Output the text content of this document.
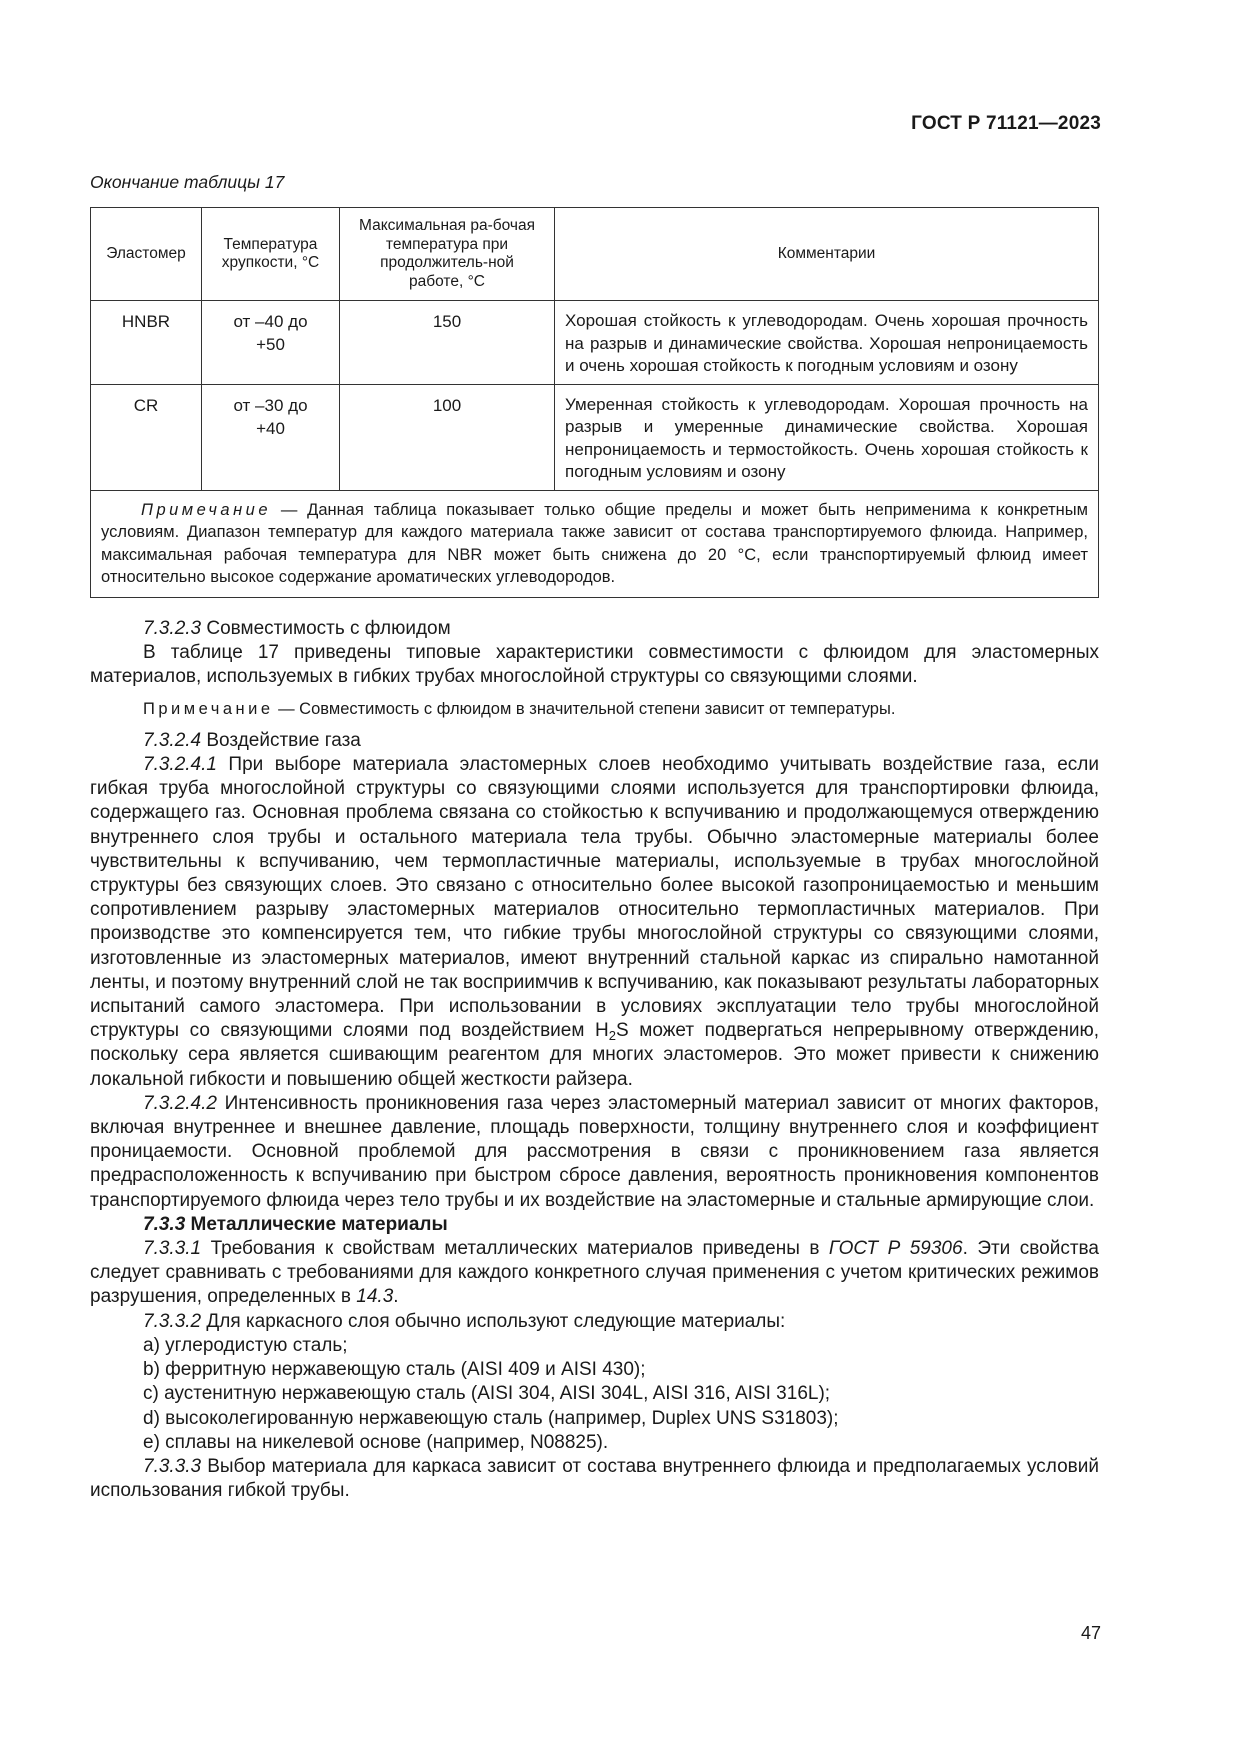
ГОСТ Р 71121—2023
Окончание таблицы 17
Эластомер	Температура хрупкости, °С	Максимальная ра-бочая температура при продолжитель-ной работе, °С	Комментарии
HNBR	от –40 до +50	150	Хорошая стойкость к углеводородам. Очень хорошая прочность на разрыв и динамические свойства. Хорошая непроницаемость и очень хорошая стойкость к погодным условиям и озону
CR	от –30 до +40	100	Умеренная стойкость к углеводородам. Хорошая прочность на разрыв и умеренные динамические свойства. Хорошая непроницаемость и термостойкость. Очень хорошая стойкость к погодным условиям и озону
Примечание — Данная таблица показывает только общие пределы и может быть неприменима к конкретным условиям. Диапазон температур для каждого материала также зависит от состава транспортируемого флюида. Например, максимальная рабочая температура для NBR может быть снижена до 20 °С, если транспортируемый флюид имеет относительно высокое содержание ароматических углеводородов.			

7.3.2.3 Совместимость с флюидом

В таблице 17 приведены типовые характеристики совместимости с флюидом для эластомерных материалов, используемых в гибких трубах многослойной структуры со связующими слоями.

Примечание — Совместимость с флюидом в значительной степени зависит от температуры.

7.3.2.4 Воздействие газа

7.3.2.4.1 При выборе материала эластомерных слоев необходимо учитывать воздействие газа, если гибкая труба многослойной структуры со связующими слоями используется для транспортировки флюида, содержащего газ. Основная проблема связана со стойкостью к вспучиванию и продолжающемуся отверждению внутреннего слоя трубы и остального материала тела трубы. Обычно эластомерные материалы более чувствительны к вспучиванию, чем термопластичные материалы, используемые в трубах многослойной структуры без связующих слоев. Это связано с относительно более высокой газопроницаемостью и меньшим сопротивлением разрыву эластомерных материалов относительно термопластичных материалов. При производстве это компенсируется тем, что гибкие трубы многослойной структуры со связующими слоями, изготовленные из эластомерных материалов, имеют внутренний стальной каркас из спирально намотанной ленты, и поэтому внутренний слой не так восприимчив к вспучиванию, как показывают результаты лабораторных испытаний самого эластомера. При использовании в условиях эксплуатации тело трубы многослойной структуры со связующими слоями под воздействием $H_2S$ может подвергаться непрерывному отверждению, поскольку сера является сшивающим реагентом для многих эластомеров. Это может привести к снижению локальной гибкости и повышению общей жесткости райзера.

7.3.2.4.2 Интенсивность проникновения газа через эластомерный материал зависит от многих факторов, включая внутреннее и внешнее давление, площадь поверхности, толщину внутреннего слоя и коэффициент проницаемости. Основной проблемой для рассмотрения в связи с проникновением газа является предрасположенность к вспучиванию при быстром сбросе давления, вероятность проникновения компонентов транспортируемого флюида через тело трубы и их воздействие на эластомерные и стальные армирующие слои.

7.3.3 Металлические материалы

7.3.3.1 Требования к свойствам металлических материалов приведены в ГОСТ Р 59306. Эти свойства следует сравнивать с требованиями для каждого конкретного случая применения с учетом критических режимов разрушения, определенных в 14.3.

7.3.3.2 Для каркасного слоя обычно используют следующие материалы:

a) углеродистую сталь;

b) ферритную нержавеющую сталь (AISI 409 и AISI 430);

c) аустенитную нержавеющую сталь (AISI 304, AISI 304L, AISI 316, AISI 316L);

d) высоколегированную нержавеющую сталь (например, Duplex UNS S31803);

e) сплавы на никелевой основе (например, N08825).

7.3.3.3 Выбор материала для каркаса зависит от состава внутреннего флюида и предполагаемых условий использования гибкой трубы.

47
